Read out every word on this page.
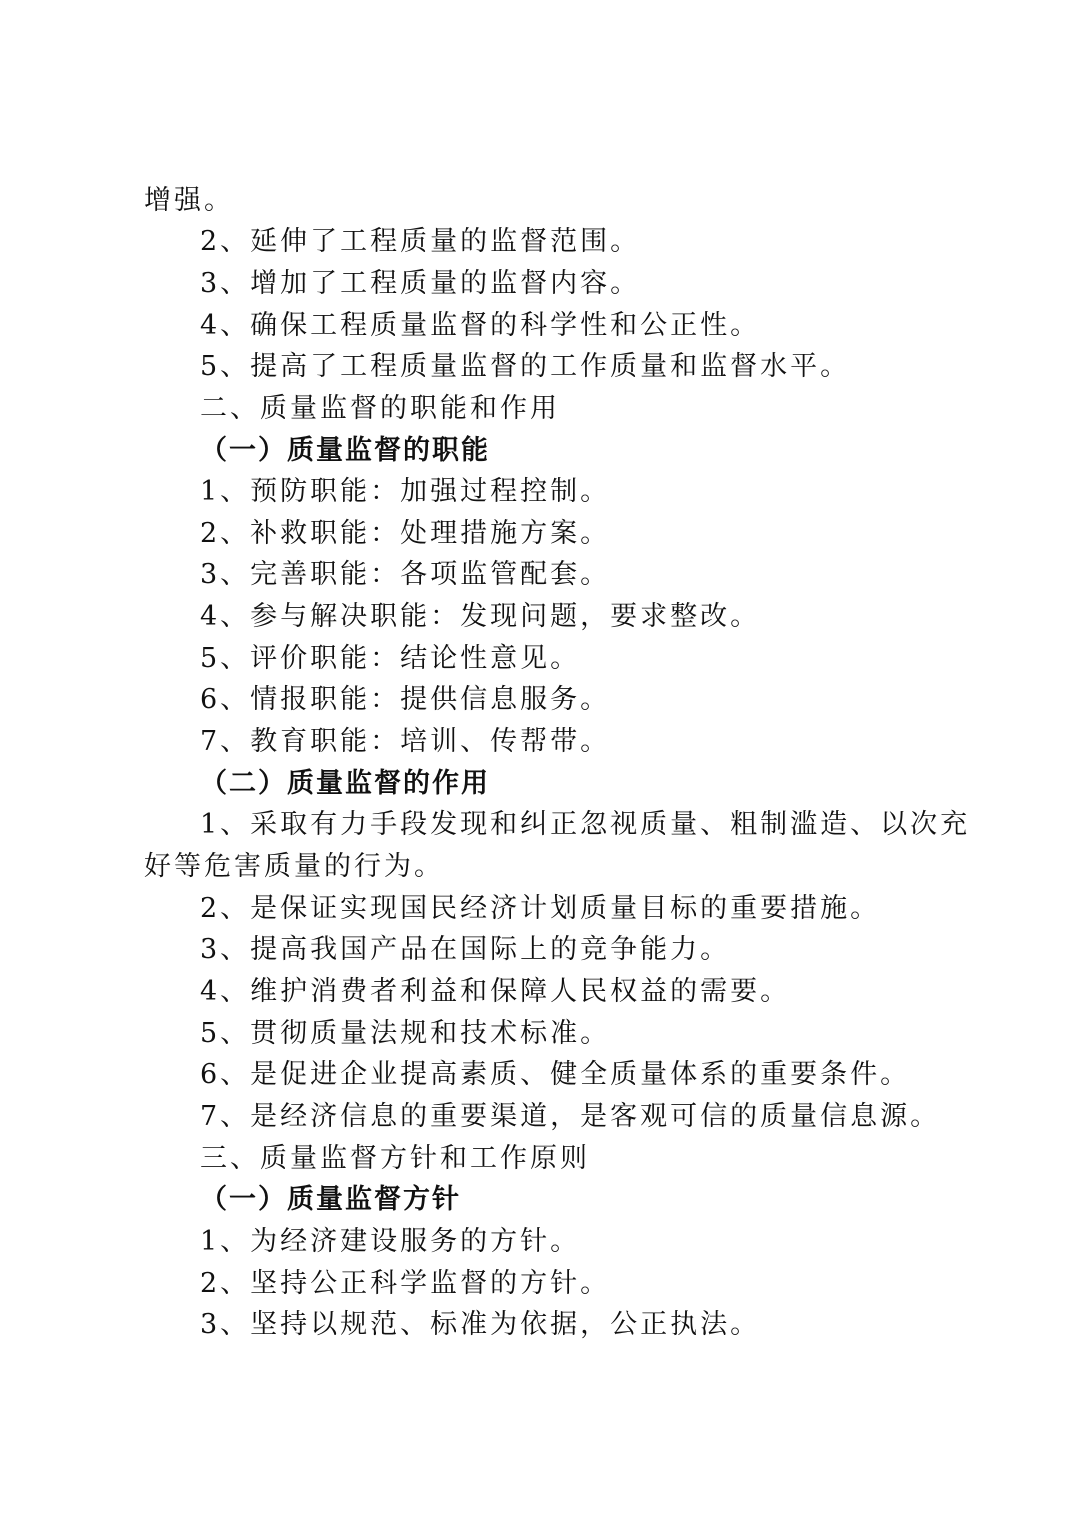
增强。
2、延伸了工程质量的监督范围。
3、增加了工程质量的监督内容。
4、确保工程质量监督的科学性和公正性。
5、提高了工程质量监督的工作质量和监督水平。
二、质量监督的职能和作用
（一）质量监督的职能
1、预防职能：加强过程控制。
2、补救职能：处理措施方案。
3、完善职能：各项监管配套。
4、参与解决职能：发现问题，要求整改。
5、评价职能：结论性意见。
6、情报职能：提供信息服务。
7、教育职能：培训、传帮带。
（二）质量监督的作用
1、采取有力手段发现和纠正忽视质量、粗制滥造、以次充
好等危害质量的行为。
2、是保证实现国民经济计划质量目标的重要措施。
3、提高我国产品在国际上的竞争能力。
4、维护消费者利益和保障人民权益的需要。
5、贯彻质量法规和技术标准。
6、是促进企业提高素质、健全质量体系的重要条件。
7、是经济信息的重要渠道，是客观可信的质量信息源。
三、质量监督方针和工作原则
（一）质量监督方针
1、为经济建设服务的方针。
2、坚持公正科学监督的方针。
3、坚持以规范、标准为依据，公正执法。
